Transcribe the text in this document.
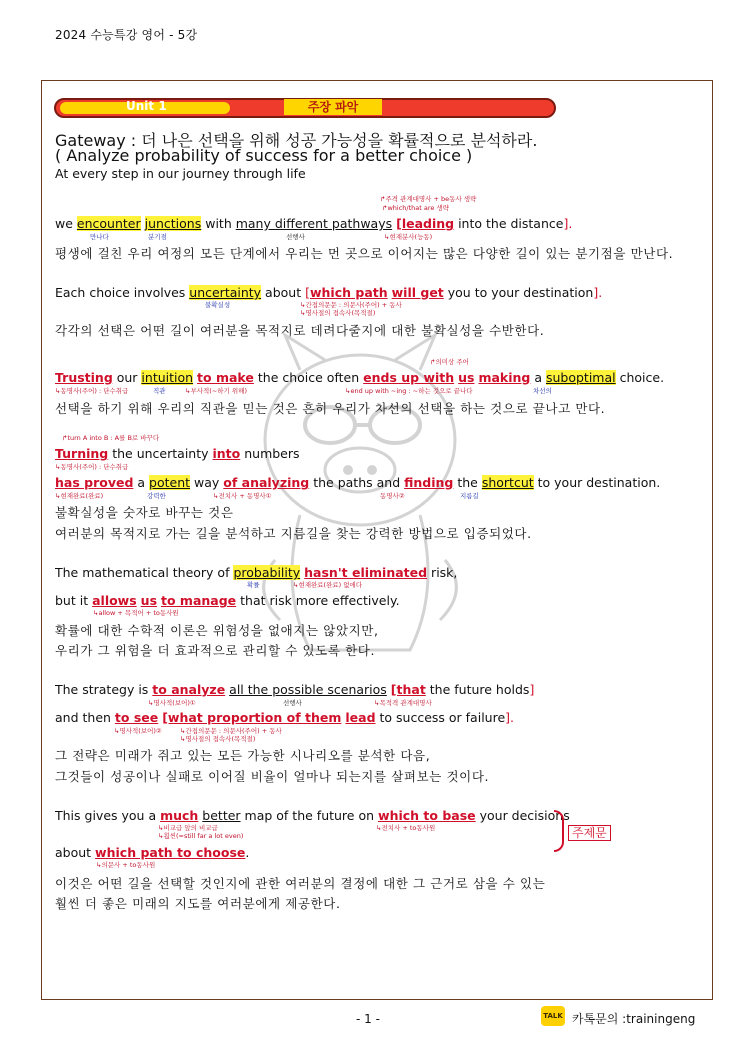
2024 수능특강 영어 - 5강
Unit 1	주장 파악
Gateway : 더 나은 선택을 위해 성공 가능성을 확률적으로 분석하라.
( Analyze probability of success for a better choice )
At every step in our journey through life
↱주격 관계대명사 + be동사 생략
↱which/that are 생략
we encounter junctions with many different pathways [leading into the distance].
만나다	분기점	선행사	↳현재분사(능동)
평생에 걸친 우리 여정의 모든 단계에서 우리는 먼 곳으로 이어지는 많은 다양한 길이 있는 분기점을 만난다.
Each choice involves uncertainty about [which path will get you to your destination].
불확실성	↳간접의문문 : 의문사(주어) + 동사
↳명사절의 접속사(목적절)
각각의 선택은 어떤 길이 여러분을 목적지로 데려다줄지에 대한 불확실성을 수반한다.
↱의미상 주어
Trusting our intuition to make the choice often ends up with us making a suboptimal choice.
↳동명사(주어) : 단수취급	직관	↳부사적(~하기 위해)	↳end up with ~ing : ~하는 것으로 끝나다	차선의
선택을 하기 위해 우리의 직관을 믿는 것은 흔히 우리가 차선의 선택을 하는 것으로 끝나고 만다.
↱turn A into B : A를 B로 바꾸다
Turning the uncertainty into numbers
↳동명사(주어) : 단수취급
has proved a potent way of analyzing the paths and finding the shortcut to your destination.
↳현재완료(완료)	강력한	↳전치사 + 동명사①	동명사②	지름길
불확실성을 숫자로 바꾸는 것은
여러분의 목적지로 가는 길을 분석하고 지름길을 찾는 강력한 방법으로 입증되었다.
The mathematical theory of probability hasn't eliminated risk,
확률	↳현재완료(완료) 없애다
but it allows us to manage that risk more effectively.
↳allow + 목적어 + to동사원
확률에 대한 수학적 이론은 위험성을 없애지는 않았지만,
우리가 그 위험을 더 효과적으로 관리할 수 있도록 한다.
The strategy is to analyze all the possible scenarios [that the future holds]
↳명사적(보어)①	선행사	↳목적격 관계대명사
and then to see [what proportion of them lead to success or failure].
↳명사적(보어)②	↳간접의문문 : 의문사(주어) + 동사
↳명사절의 접속사(목적절)
그 전략은 미래가 쥐고 있는 모든 가능한 시나리오를 분석한 다음,
그것들이 성공이나 실패로 이어질 비율이 얼마나 되는지를 살펴보는 것이다.
This gives you a much better map of the future on which to base your decisions
↳비교급 앞의 비교급
↳훨씬(=still far a lot even)
↳전치사 + to동사원
about which path to choose.
↳의문사 + to동사원
이것은 어떤 길을 선택할 것인지에 관한 여러분의 결정에 대한 그 근거로 삼을 수 있는
훨씬 더 좋은 미래의 지도를 여러분에게 제공한다.
주제문
- 1 -	TALK 카톡문의 :trainingeng
